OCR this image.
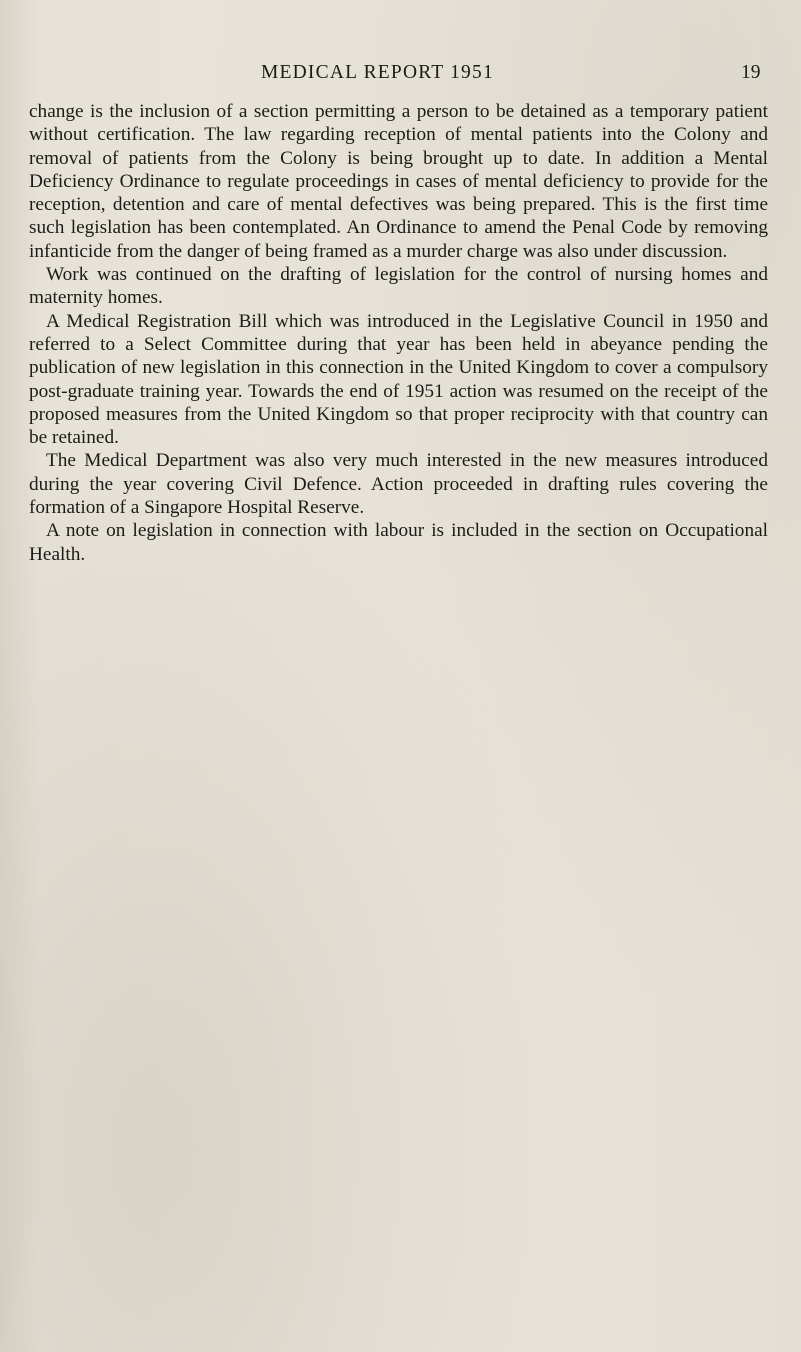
MEDICAL REPORT 1951	19

change is the inclusion of a section permitting a person to be detained as a temporary patient without certification. The law regarding reception of mental patients into the Colony and removal of patients from the Colony is being brought up to date. In addition a Mental Deficiency Ordinance to regulate proceedings in cases of mental deficiency to provide for the reception, detention and care of mental defectives was being prepared. This is the first time such legislation has been contemplated. An Ordinance to amend the Penal Code by removing infanticide from the danger of being framed as a murder charge was also under discussion.

Work was continued on the drafting of legislation for the control of nursing homes and maternity homes.

A Medical Registration Bill which was introduced in the Legislative Council in 1950 and referred to a Select Committee during that year has been held in abeyance pending the publication of new legislation in this connection in the United Kingdom to cover a compulsory post-graduate training year. Towards the end of 1951 action was resumed on the receipt of the proposed measures from the United Kingdom so that proper reciprocity with that country can be retained.

The Medical Department was also very much interested in the new measures introduced during the year covering Civil Defence. Action proceeded in drafting rules covering the formation of a Singapore Hospital Reserve.

A note on legislation in connection with labour is included in the section on Occupational Health.
